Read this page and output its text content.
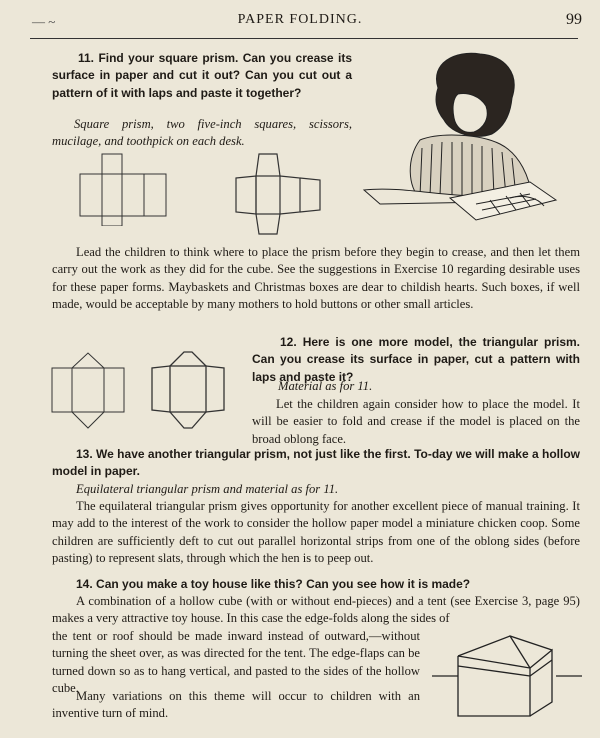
— ~	PAPER FOLDING.	99
11. Find your square prism. Can you crease its surface in paper and cut it out? Can you cut out a pattern of it with laps and paste it together?
Square prism, two five-inch squares, scissors, mucilage, and toothpick on each desk.
Lead the children to think where to place the prism before they begin to crease, and then let them carry out the work as they did for the cube. See the suggestions in Exercise 10 regarding desirable uses for these paper forms. Maybaskets and Christmas boxes are dear to childish hearts. Such boxes, if well made, would be acceptable by many mothers to hold buttons or other small articles.
12. Here is one more model, the triangular prism. Can you crease its surface in paper, cut a pattern with laps and paste it?
Material as for 11.
Let the children again consider how to place the model. It will be easier to fold and crease if the model is placed on the broad oblong face.
13. We have another triangular prism, not just like the first. To-day we will make a hollow model in paper.
Equilateral triangular prism and material as for 11.
The equilateral triangular prism gives opportunity for another excellent piece of manual training. It may add to the interest of the work to consider the hollow paper model a miniature chicken coop. Some children are sufficiently deft to cut out parallel horizontal strips from one of the oblong sides (before pasting) to represent slats, through which the hen is to peep out.
14. Can you make a toy house like this? Can you see how it is made?
A combination of a hollow cube (with or without end-pieces) and a tent (see Exercise 3, page 95) makes a very attractive toy house. In this case the edge-folds along the sides of
the tent or roof should be made inward instead of outward,—without turning the sheet over, as was directed for the tent. The edge-flaps can be turned down so as to hang vertical, and pasted to the sides of the hollow cube.
Many variations on this theme will occur to children with an inventive turn of mind.
